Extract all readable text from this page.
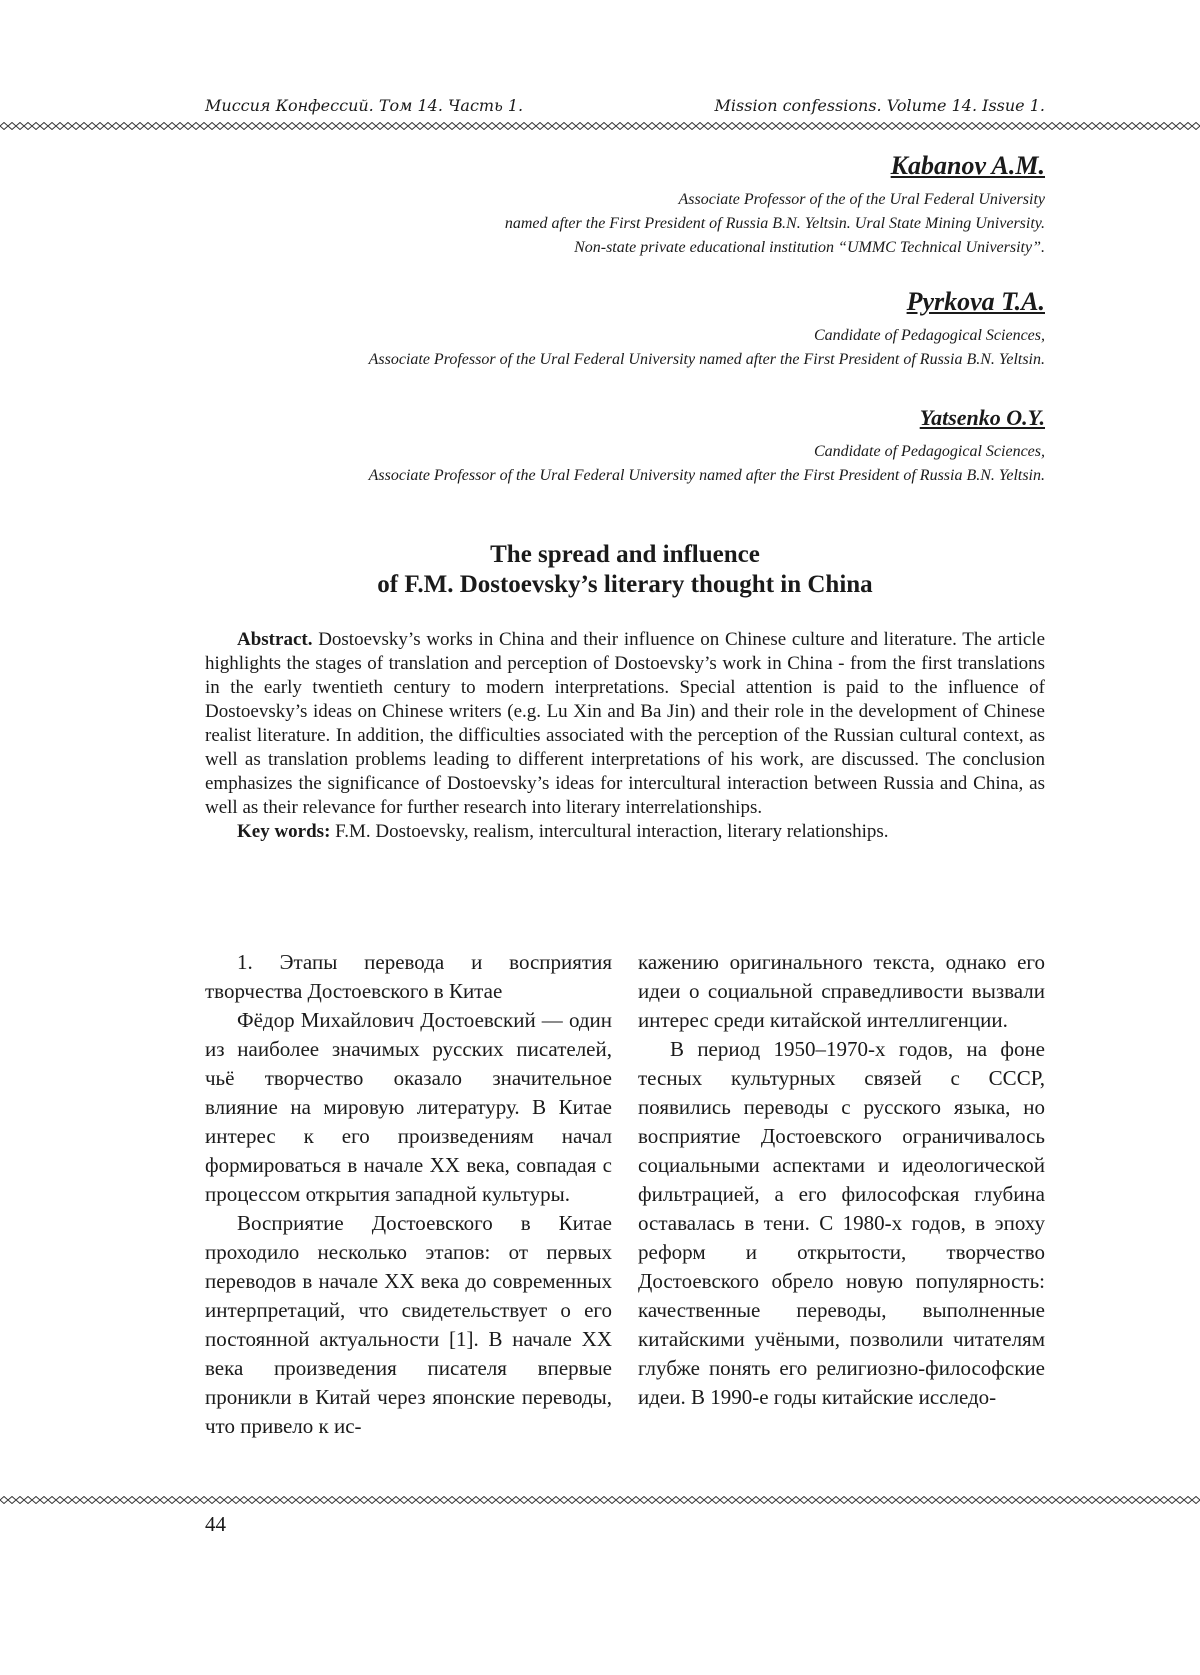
Миссия Конфессий. Том 14. Часть 1.	Mission confessions. Volume 14. Issue 1.
Kabanov A.M.
Associate Professor of the of the Ural Federal University
named after the First President of Russia B.N. Yeltsin. Ural State Mining University.
Non-state private educational institution “UMMC Technical University”.
Pyrkova T.A.
Candidate of Pedagogical Sciences,
Associate Professor of the Ural Federal University named after the First President of Russia B.N. Yeltsin.
Yatsenko O.Y.
Candidate of Pedagogical Sciences,
Associate Professor of the Ural Federal University named after the First President of Russia B.N. Yeltsin.
The spread and influence
of F.M. Dostoevsky’s literary thought in China

Abstract. Dostoevsky’s works in China and their influence on Chinese culture and literature. The article highlights the stages of translation and perception of Dostoevsky’s work in China - from the first translations in the early twentieth century to modern interpretations. Special attention is paid to the influence of Dostoevsky’s ideas on Chinese writers (e.g. Lu Xin and Ba Jin) and their role in the development of Chinese realist literature. In addition, the difficulties associated with the perception of the Russian cultural context, as well as translation problems leading to different interpretations of his work, are discussed. The conclusion emphasizes the significance of Dostoevsky’s ideas for intercultural interaction between Russia and China, as well as their relevance for further research into literary interrelationships.

Key words: F.M. Dostoevsky, realism, intercultural interaction, literary relationships.

1. Этапы перевода и восприятия творчества Достоевского в Китае

Фёдор Михайлович Достоевский — один из наиболее значимых русских писателей, чьё творчество оказало значительное влияние на мировую литературу. В Китае интерес к его произведениям начал формироваться в начале XX века, совпадая с процессом открытия западной культуры.

Восприятие Достоевского в Китае проходило несколько этапов: от первых переводов в начале XX века до современных интерпретаций, что свидетельствует о его постоянной актуальности [1]. В начале XX века произведения писателя впервые проникли в Китай через японские переводы, что привело к ис-

кажению оригинального текста, однако его идеи о социальной справедливости вызвали интерес среди китайской интеллигенции.

В период 1950–1970-х годов, на фоне тесных культурных связей с СССР, появились переводы с русского языка, но восприятие Достоевского ограничивалось социальными аспектами и идеологической фильтрацией, а его философская глубина оставалась в тени. С 1980-х годов, в эпоху реформ и открытости, творчество Достоевского обрело новую популярность: качественные переводы, выполненные китайскими учёными, позволили читателям глубже понять его религиозно-философские идеи. В 1990-е годы китайские исследо-

44
